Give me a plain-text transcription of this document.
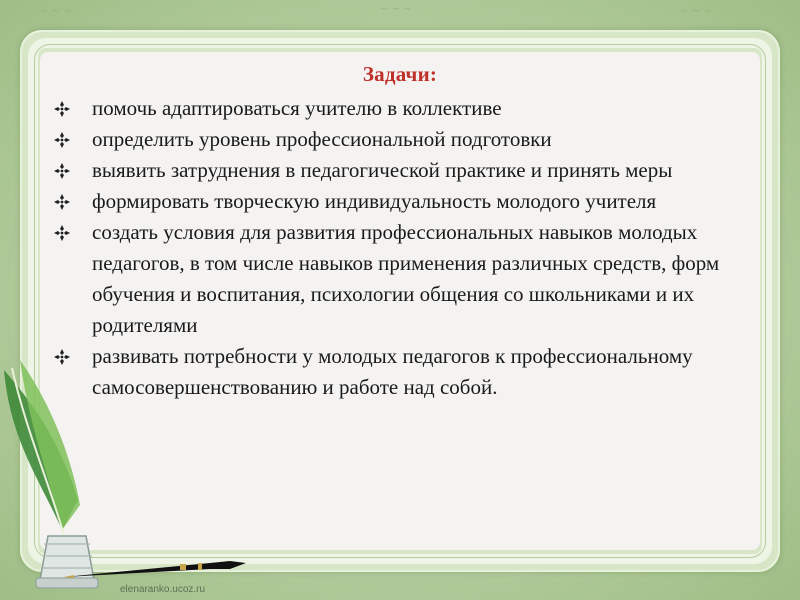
~ ~ ~	~ ~ ~	~ ~ ~
Задачи:
помочь адаптироваться учителю в коллективе
определить уровень профессиональной подготовки
выявить затруднения в педагогической практике и принять меры
формировать творческую индивидуальность молодого учителя
создать условия для развития профессиональных навыков молодых педагогов, в том числе навыков применения различных средств, форм обучения и воспитания, психологии общения со школьниками и их родителями
развивать потребности у молодых педагогов к профессиональному самосовершенствованию и работе над собой.
elenaranko.ucoz.ru
